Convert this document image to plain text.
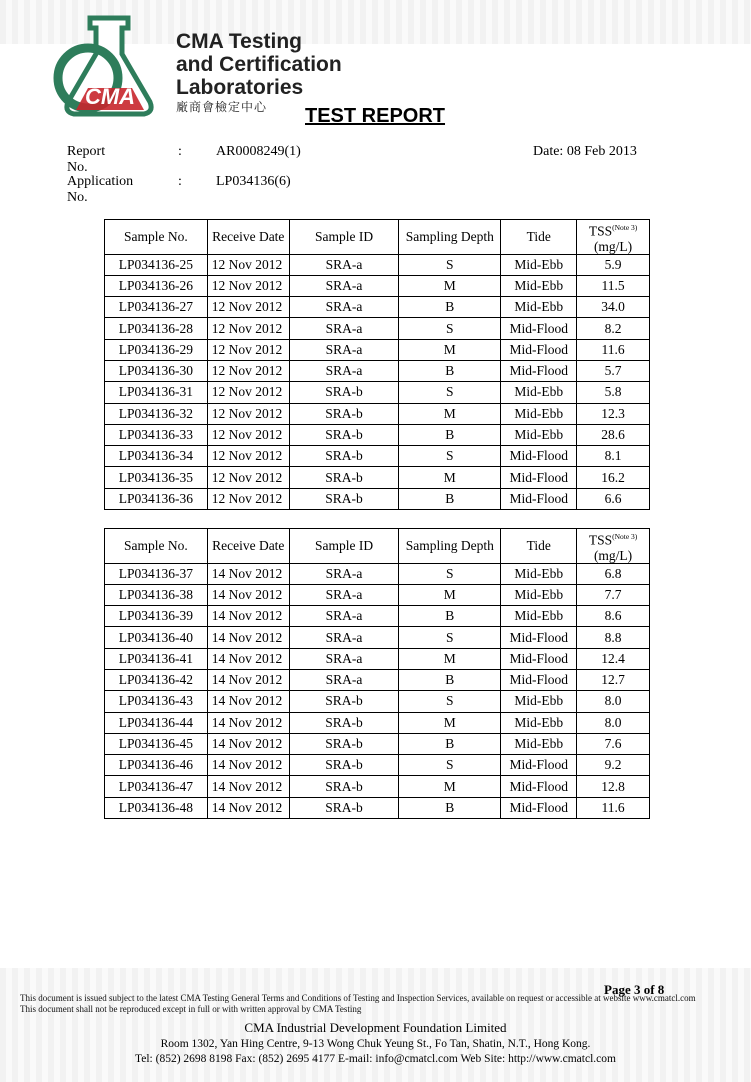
CMA
CMA Testing
and Certification
Laboratories
廠商會檢定中心	TEST REPORT
Report No.
: AR0008249(1)
Application No.
: LP034136(6)
Date: 08 Feb 2013
Sample No.	Receive Date	Sample ID	Sampling Depth	Tide	$TSS^{(Note 3)}$
(mg/L)
LP034136-25	12 Nov 2012	SRA-a	S	Mid-Ebb	5.9
LP034136-26	12 Nov 2012	SRA-a	M	Mid-Ebb	11.5
LP034136-27	12 Nov 2012	SRA-a	B	Mid-Ebb	34.0
LP034136-28	12 Nov 2012	SRA-a	S	Mid-Flood	8.2
LP034136-29	12 Nov 2012	SRA-a	M	Mid-Flood	11.6
LP034136-30	12 Nov 2012	SRA-a	B	Mid-Flood	5.7
LP034136-31	12 Nov 2012	SRA-b	S	Mid-Ebb	5.8
LP034136-32	12 Nov 2012	SRA-b	M	Mid-Ebb	12.3
LP034136-33	12 Nov 2012	SRA-b	B	Mid-Ebb	28.6
LP034136-34	12 Nov 2012	SRA-b	S	Mid-Flood	8.1
LP034136-35	12 Nov 2012	SRA-b	M	Mid-Flood	16.2
LP034136-36	12 Nov 2012	SRA-b	B	Mid-Flood	6.6
Sample No.	Receive Date	Sample ID	Sampling Depth	Tide	$TSS^{(Note 3)}$
(mg/L)
LP034136-37	14 Nov 2012	SRA-a	S	Mid-Ebb	6.8
LP034136-38	14 Nov 2012	SRA-a	M	Mid-Ebb	7.7
LP034136-39	14 Nov 2012	SRA-a	B	Mid-Ebb	8.6
LP034136-40	14 Nov 2012	SRA-a	S	Mid-Flood	8.8
LP034136-41	14 Nov 2012	SRA-a	M	Mid-Flood	12.4
LP034136-42	14 Nov 2012	SRA-a	B	Mid-Flood	12.7
LP034136-43	14 Nov 2012	SRA-b	S	Mid-Ebb	8.0
LP034136-44	14 Nov 2012	SRA-b	M	Mid-Ebb	8.0
LP034136-45	14 Nov 2012	SRA-b	B	Mid-Ebb	7.6
LP034136-46	14 Nov 2012	SRA-b	S	Mid-Flood	9.2
LP034136-47	14 Nov 2012	SRA-b	M	Mid-Flood	12.8
LP034136-48	14 Nov 2012	SRA-b	B	Mid-Flood	11.6
Page 3 of 8
This document is issued subject to the latest CMA Testing General Terms and Conditions of Testing and Inspection Services, available on request or accessible at website www.cmatcl.com
This document shall not be reproduced except in full or with written approval by CMA Testing
CMA Industrial Development Foundation Limited
Room 1302, Yan Hing Centre, 9-13 Wong Chuk Yeung St., Fo Tan, Shatin, N.T., Hong Kong.
Tel: (852) 2698 8198 Fax: (852) 2695 4177 E-mail: info@cmatcl.com Web Site: http://www.cmatcl.com
